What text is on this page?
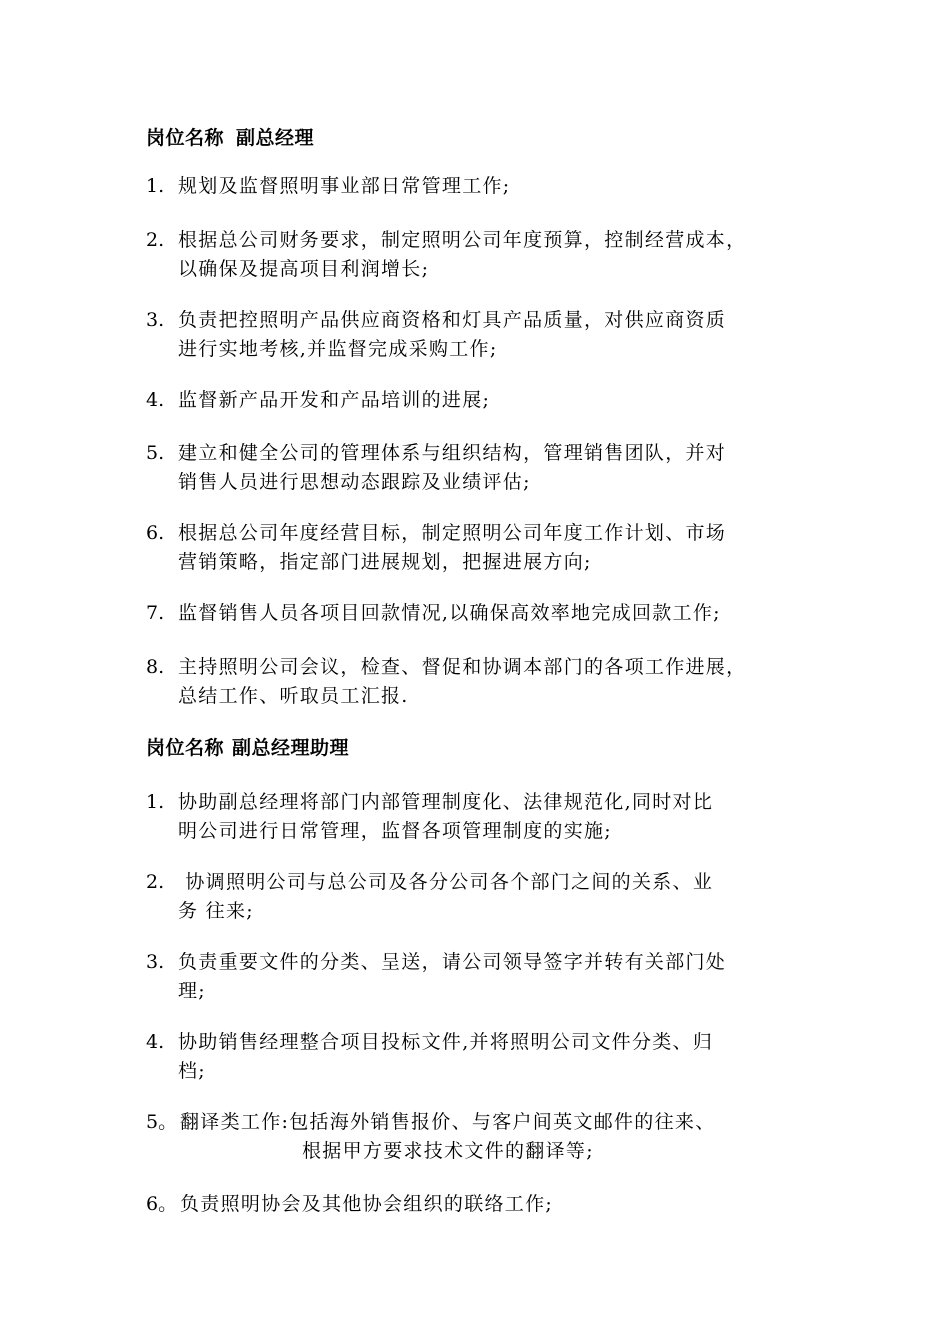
岗位名称 副总经理
1. 规划及监督照明事业部日常管理工作;
2. 根据总公司财务要求，制定照明公司年度预算，控制经营成本，
以确保及提高项目利润增长;
3. 负责把控照明产品供应商资格和灯具产品质量，对供应商资质
进行实地考核,并监督完成采购工作;
4. 监督新产品开发和产品培训的进展;
5. 建立和健全公司的管理体系与组织结构，管理销售团队，并对
销售人员进行思想动态跟踪及业绩评估;
6. 根据总公司年度经营目标，制定照明公司年度工作计划、市场
营销策略，指定部门进展规划，把握进展方向;
7. 监督销售人员各项目回款情况,以确保高效率地完成回款工作;
8. 主持照明公司会议，检查、督促和协调本部门的各项工作进展，
总结工作、听取员工汇报.
岗位名称 副总经理助理
1. 协助副总经理将部门内部管理制度化、法律规范化,同时对比
明公司进行日常管理，监督各项管理制度的实施;
2. 协调照明公司与总公司及各分公司各个部门之间的关系、业
务 往来;
3. 负责重要文件的分类、呈送，请公司领导签字并转有关部门处
理;
4. 协助销售经理整合项目投标文件,并将照明公司文件分类、归
档;
5。 翻译类工作:包括海外销售报价、与客户间英文邮件的往来、
根据甲方要求技术文件的翻译等;
6。 负责照明协会及其他协会组织的联络工作;
